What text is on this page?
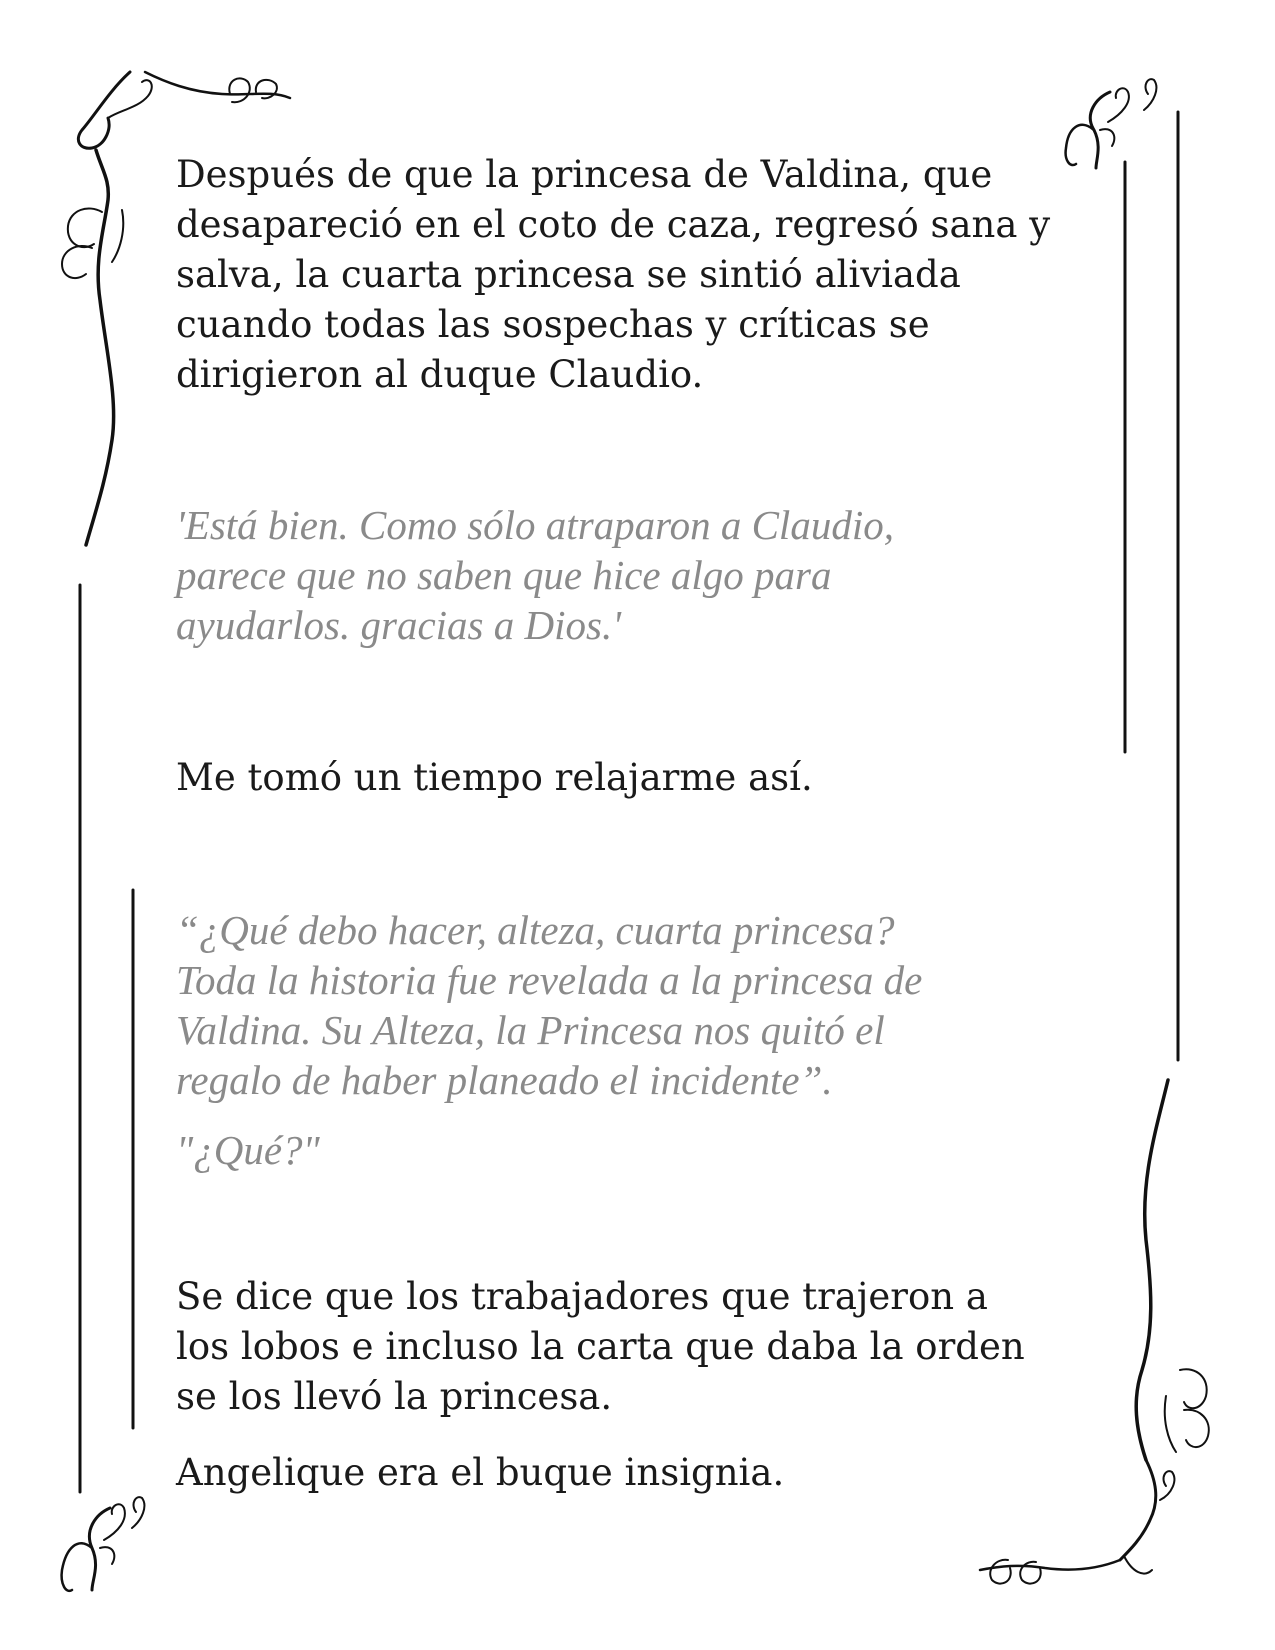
Después de que la princesa de Valdina, que
desapareció en el coto de caza, regresó sana y
salva, la cuarta princesa se sintió aliviada
cuando todas las sospechas y críticas se
dirigieron al duque Claudio.

'Está bien. Como sólo atraparon a Claudio,
parece que no saben que hice algo para
ayudarlos. gracias a Dios.'

Me tomó un tiempo relajarme así.

“¿Qué debo hacer, alteza, cuarta princesa?
Toda la historia fue revelada a la princesa de
Valdina. Su Alteza, la Princesa nos quitó el
regalo de haber planeado el incidente”.

"¿Qué?"

Se dice que los trabajadores que trajeron a
los lobos e incluso la carta que daba la orden
se los llevó la princesa.

Angelique era el buque insignia.
